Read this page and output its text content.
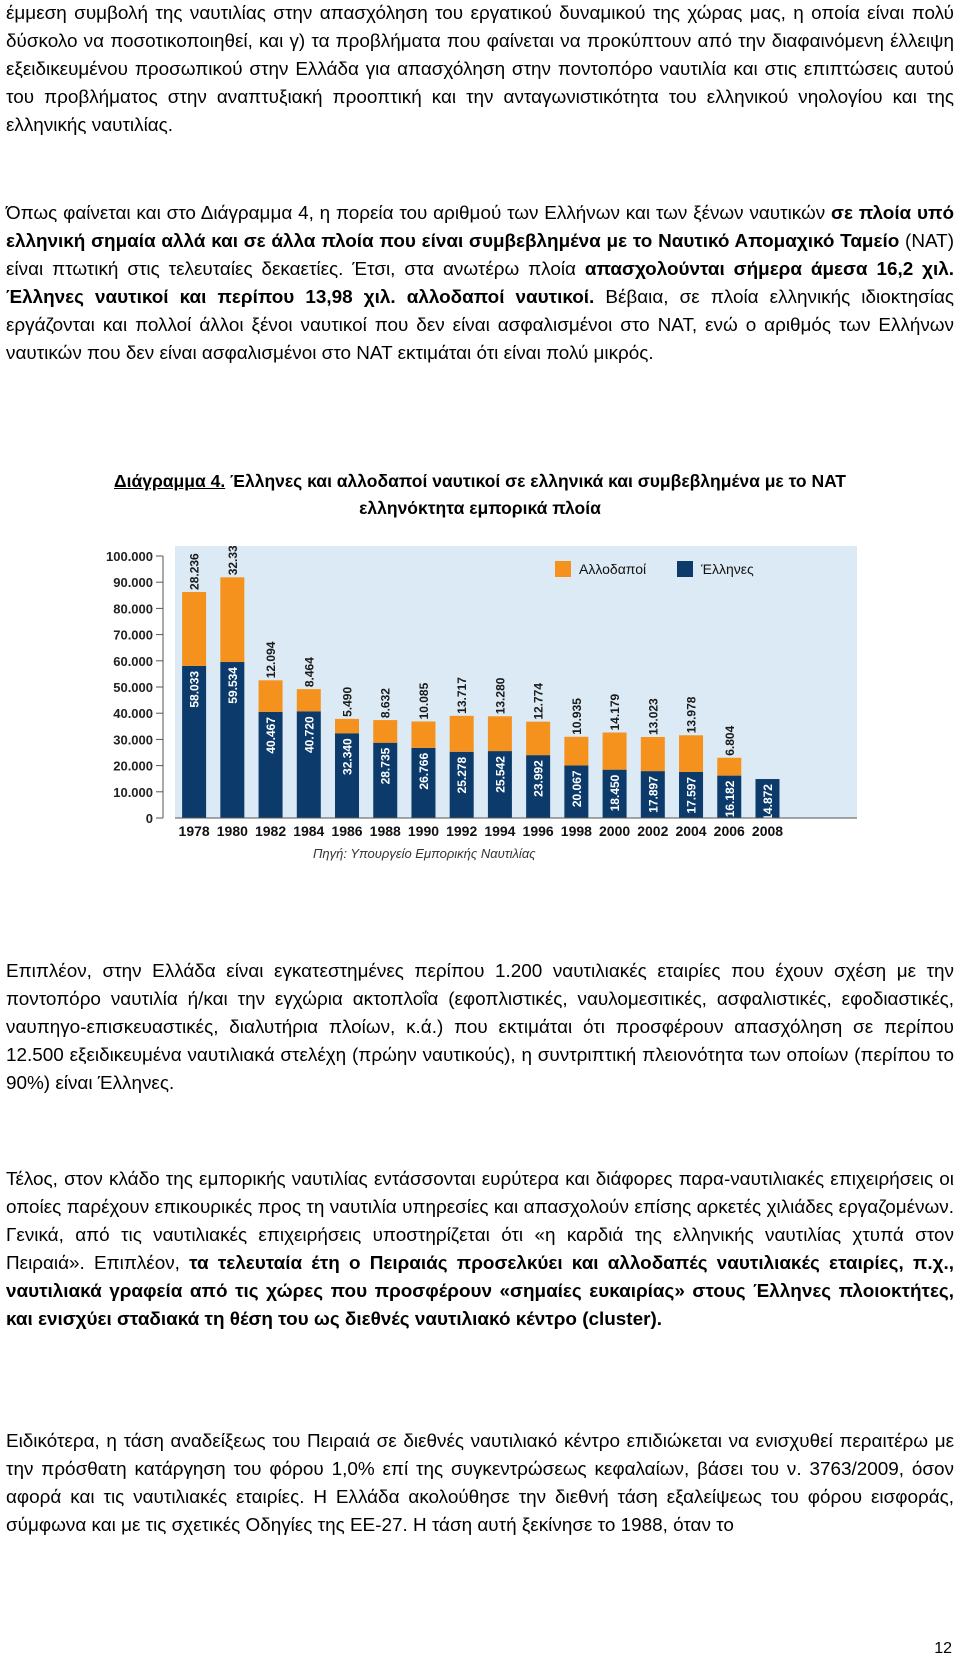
έμμεση συμβολή της ναυτιλίας στην απασχόληση του εργατικού δυναμικού της χώρας μας, η οποία είναι πολύ δύσκολο να ποσοτικοποιηθεί, και γ) τα προβλήματα που φαίνεται να προκύπτουν από την διαφαινόμενη έλλειψη εξειδικευμένου προσωπικού στην Ελλάδα για απασχόληση στην ποντοπόρο ναυτιλία και στις επιπτώσεις αυτού του προβλήματος στην αναπτυξιακή προοπτική και την ανταγωνιστικότητα του ελληνικού νηολογίου και της ελληνικής ναυτιλίας.

Όπως φαίνεται και στο Διάγραμμα 4, η πορεία του αριθμού των Ελλήνων και των ξένων ναυτικών σε πλοία υπό ελληνική σημαία αλλά και σε άλλα πλοία που είναι συμβεβλημένα με το Ναυτικό Απομαχικό Ταμείο (ΝΑΤ) είναι πτωτική στις τελευταίες δεκαετίες. Έτσι, στα ανωτέρω πλοία απασχολούνται σήμερα άμεσα 16,2 χιλ. Έλληνες ναυτικοί και περίπου 13,98 χιλ. αλλοδαποί ναυτικοί. Βέβαια, σε πλοία ελληνικής ιδιοκτησίας εργάζονται και πολλοί άλλοι ξένοι ναυτικοί που δεν είναι ασφαλισμένοι στο ΝΑΤ, ενώ ο αριθμός των Ελλήνων ναυτικών που δεν είναι ασφαλισμένοι στο ΝΑΤ εκτιμάται ότι είναι πολύ μικρός.

Διάγραμμα 4. Έλληνες και αλλοδαποί ναυτικοί σε ελληνικά και συμβεβλημένα με το ΝΑΤ
ελληνόκτητα εμπορικά πλοία
0
10.000
20.000
30.000
40.000
50.000
60.000
70.000
80.000
90.000
100.000
58.033
28.236
1978
59.534
32.338
1980
40.467
12.094
1982
40.720
8.464
1984
32.340
5.490
1986
28.735
8.632
1988
26.766
10.085
1990
25.278
13.717
1992
25.542
13.280
1994
23.992
12.774
1996
20.067
10.935
1998
18.450
14.179
2000
17.897
13.023
2002
17.597
13.978
2004
16.182
6.804
2006
14.872
2008
Αλλοδαποί	Έλληνες
Πηγή: Υπουργείο Εμπορικής Ναυτιλίας

Επιπλέον, στην Ελλάδα είναι εγκατεστημένες περίπου 1.200 ναυτιλιακές εταιρίες που έχουν σχέση με την ποντοπόρο ναυτιλία ή/και την εγχώρια ακτοπλοΐα (εφοπλιστικές, ναυλομεσιτικές, ασφαλιστικές, εφοδιαστικές, ναυπηγο-επισκευαστικές, διαλυτήρια πλοίων, κ.ά.) που εκτιμάται ότι προσφέρουν απασχόληση σε περίπου 12.500 εξειδικευμένα ναυτιλιακά στελέχη (πρώην ναυτικούς), η συντριπτική πλειονότητα των οποίων (περίπου το 90%) είναι Έλληνες.

Τέλος, στον κλάδο της εμπορικής ναυτιλίας εντάσσονται ευρύτερα και διάφορες παρα-ναυτιλιακές επιχειρήσεις οι οποίες παρέχουν επικουρικές προς τη ναυτιλία υπηρεσίες και απασχολούν επίσης αρκετές χιλιάδες εργαζομένων. Γενικά, από τις ναυτιλιακές επιχειρήσεις υποστηρίζεται ότι «η καρδιά της ελληνικής ναυτιλίας χτυπά στον Πειραιά». Επιπλέον, τα τελευταία έτη ο Πειραιάς προσελκύει και αλλοδαπές ναυτιλιακές εταιρίες, π.χ., ναυτιλιακά γραφεία από τις χώρες που προσφέρουν «σημαίες ευκαιρίας» στους Έλληνες πλοιοκτήτες, και ενισχύει σταδιακά τη θέση του ως διεθνές ναυτιλιακό κέντρο (cluster).

Ειδικότερα, η τάση αναδείξεως του Πειραιά σε διεθνές ναυτιλιακό κέντρο επιδιώκεται να ενισχυθεί περαιτέρω με την πρόσθατη κατάργηση του φόρου 1,0% επί της συγκεντρώσεως κεφαλαίων, βάσει του ν. 3763/2009, όσον αφορά και τις ναυτιλιακές εταιρίες. Η Ελλάδα ακολούθησε την διεθνή τάση εξαλείψεως του φόρου εισφοράς, σύμφωνα και με τις σχετικές Οδηγίες της ΕΕ-27. Η τάση αυτή ξεκίνησε το 1988, όταν το

12
